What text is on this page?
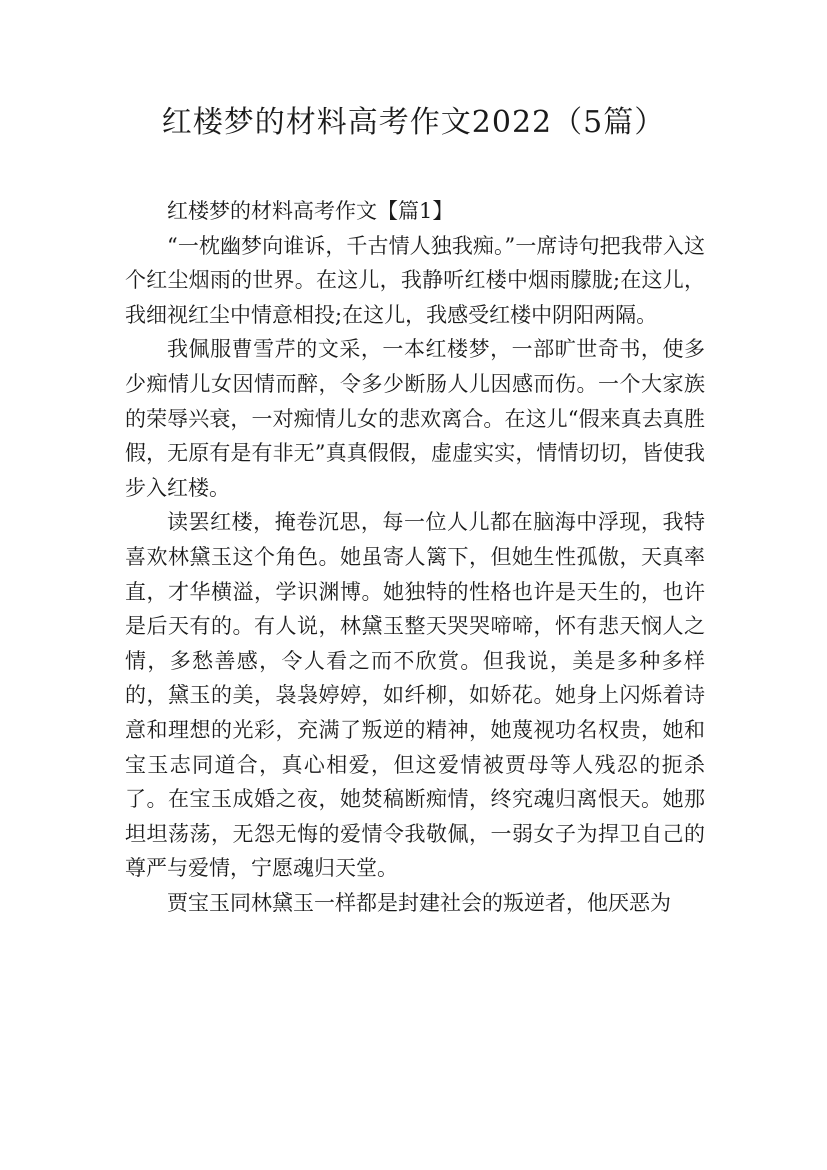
红楼梦的材料高考作文2022（5篇）

红楼梦的材料高考作文【篇1】

“一枕幽梦向谁诉，千古情人独我痴。”一席诗句把我带入这个红尘烟雨的世界。在这儿，我静听红楼中烟雨朦胧;在这儿，我细视红尘中情意相投;在这儿，我感受红楼中阴阳两隔。

我佩服曹雪芹的文采，一本红楼梦，一部旷世奇书，使多少痴情儿女因情而醉，令多少断肠人儿因感而伤。一个大家族的荣辱兴衰，一对痴情儿女的悲欢离合。在这儿“假来真去真胜假，无原有是有非无”真真假假，虚虚实实，情情切切，皆使我步入红楼。

读罢红楼，掩卷沉思，每一位人儿都在脑海中浮现，我特喜欢林黛玉这个角色。她虽寄人篱下，但她生性孤傲，天真率直，才华横溢，学识渊博。她独特的性格也许是天生的，也许是后天有的。有人说，林黛玉整天哭哭啼啼，怀有悲天悯人之情，多愁善感，令人看之而不欣赏。但我说，美是多种多样的，黛玉的美，袅袅婷婷，如纤柳，如娇花。她身上闪烁着诗意和理想的光彩，充满了叛逆的精神，她蔑视功名权贵，她和宝玉志同道合，真心相爱，但这爱情被贾母等人残忍的扼杀了。在宝玉成婚之夜，她焚稿断痴情，终究魂归离恨天。她那坦坦荡荡，无怨无悔的爱情令我敬佩，一弱女子为捍卫自己的尊严与爱情，宁愿魂归天堂。

贾宝玉同林黛玉一样都是封建社会的叛逆者，他厌恶为
